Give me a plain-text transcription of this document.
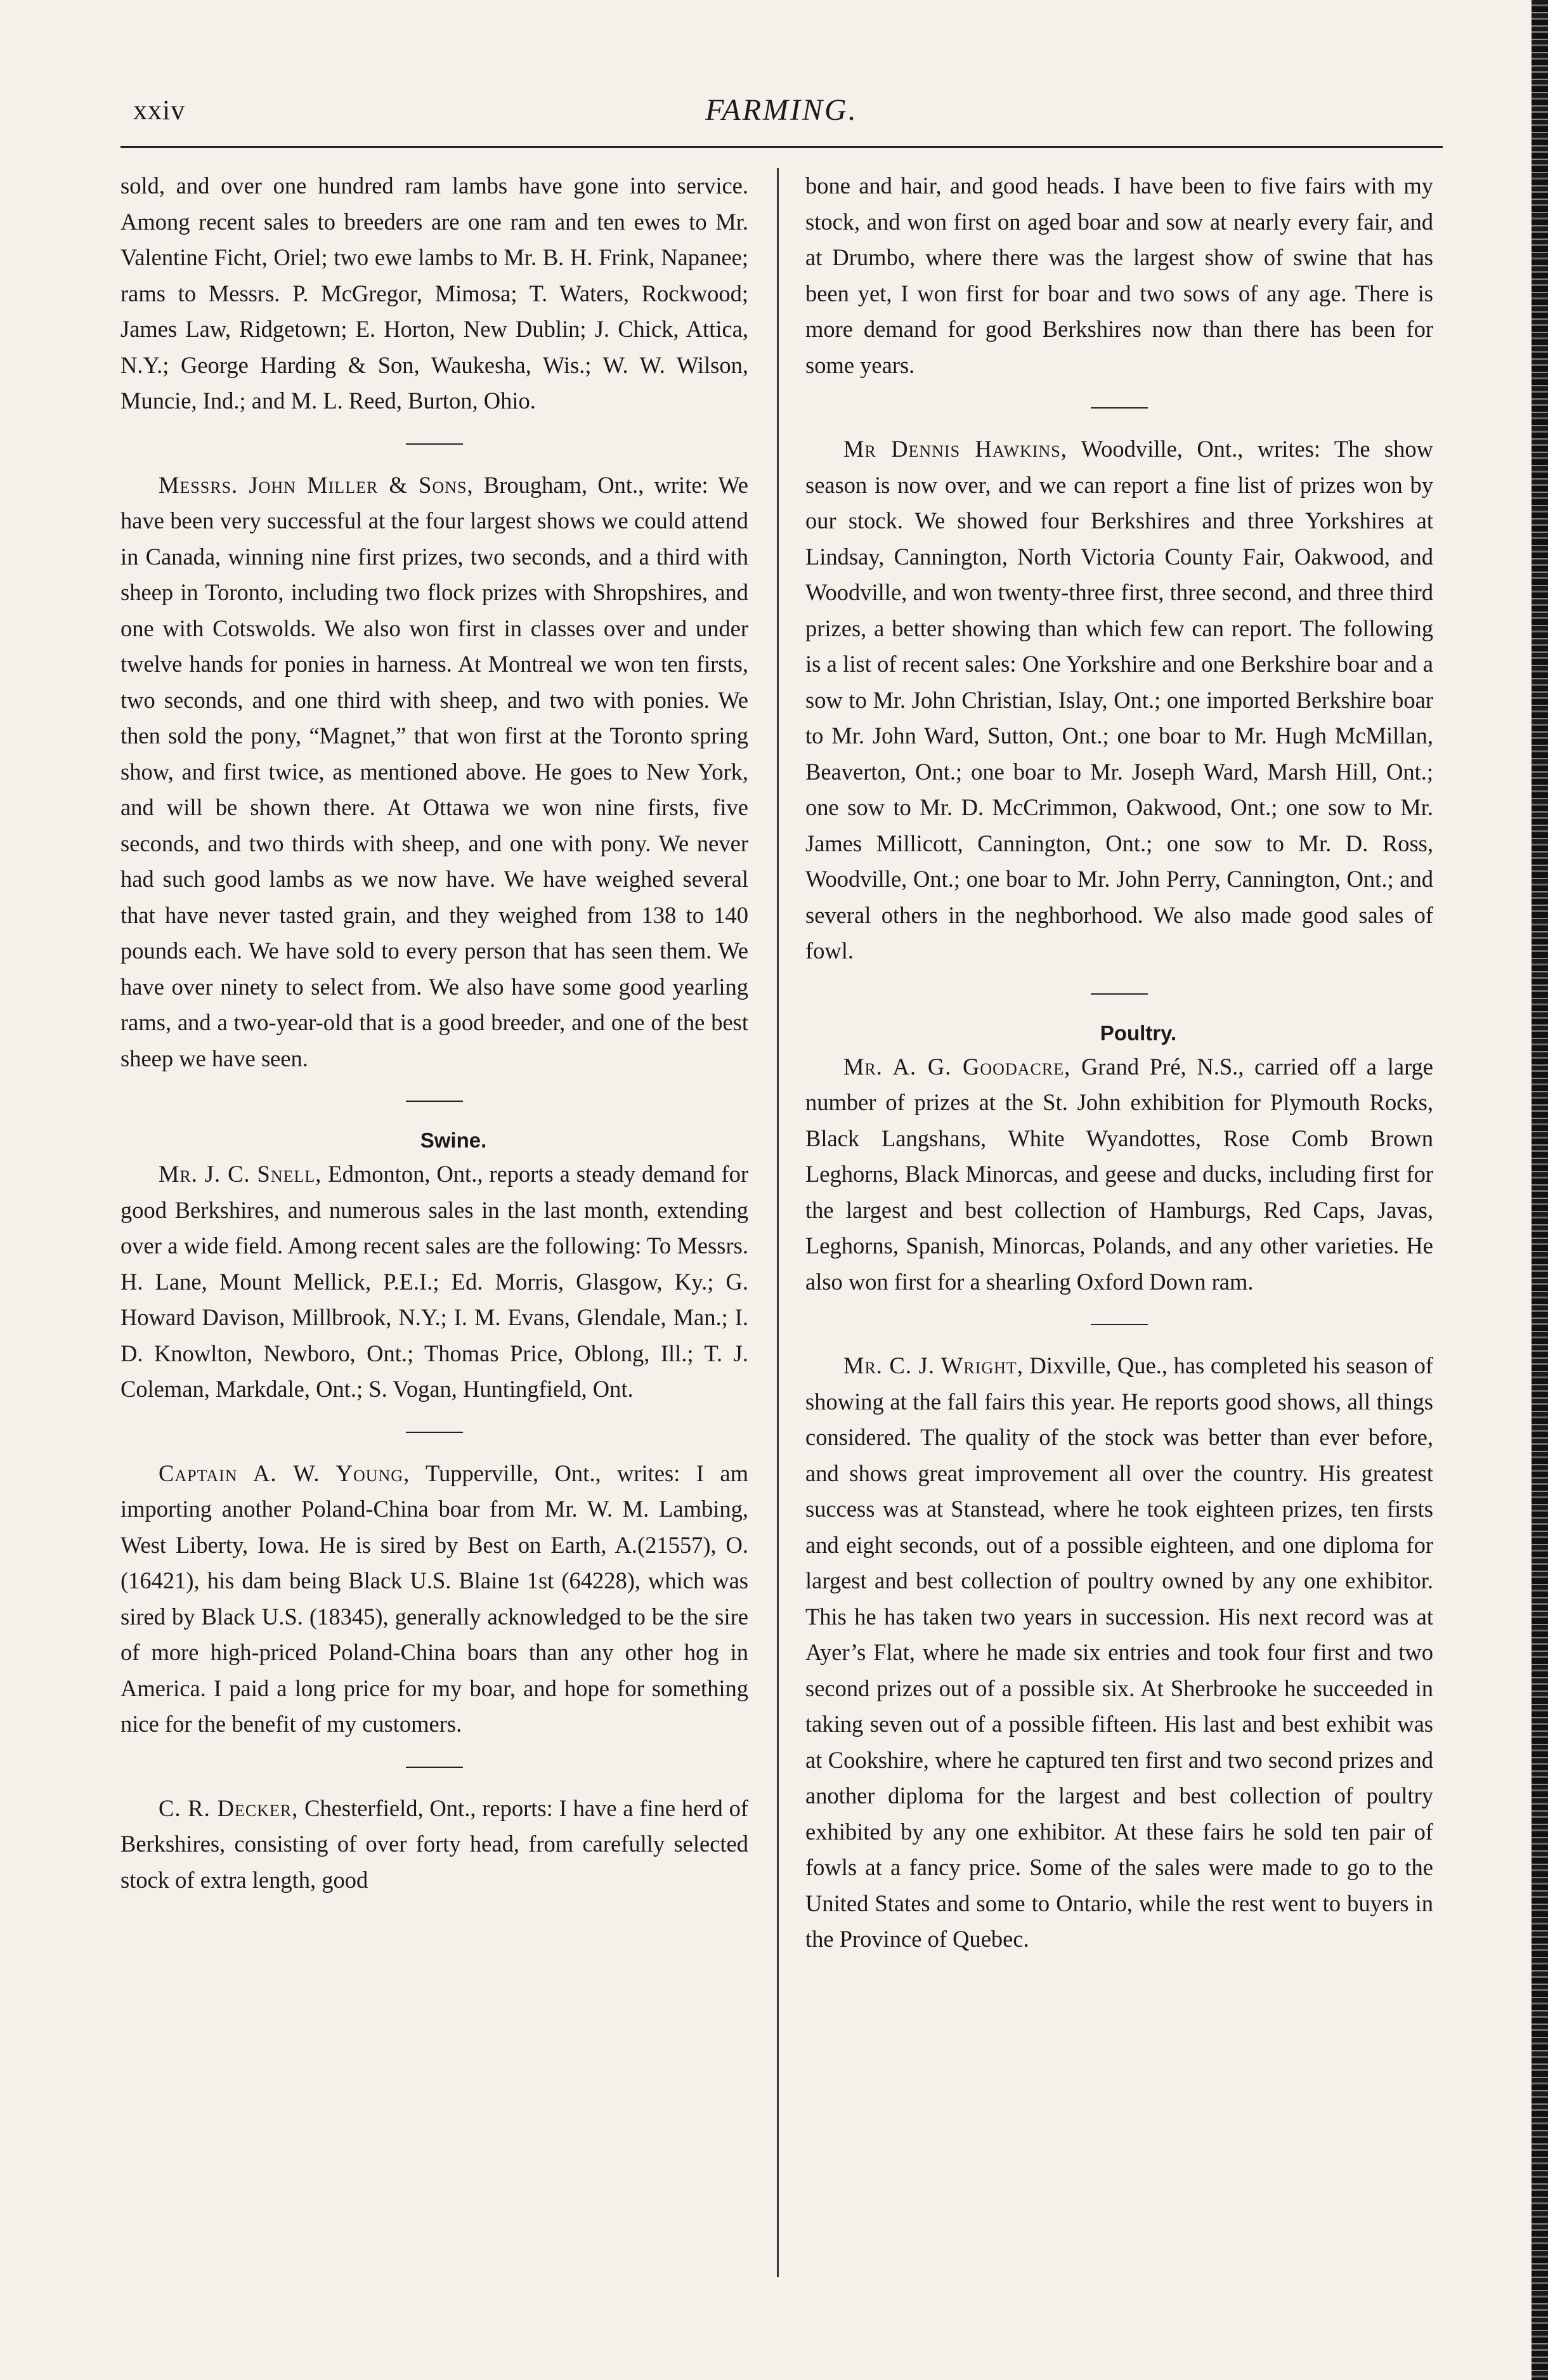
xxiv	FARMING.

sold, and over one hundred ram lambs have gone into service. Among recent sales to breeders are one ram and ten ewes to Mr. Valentine Ficht, Oriel; two ewe lambs to Mr. B. H. Frink, Napanee; rams to Messrs. P. McGregor, Mimosa; T. Waters, Rockwood; James Law, Ridgetown; E. Horton, New Dublin; J. Chick, Attica, N.Y.; George Harding & Son, Waukesha, Wis.; W. W. Wilson, Muncie, Ind.; and M. L. Reed, Burton, Ohio.

Messrs. John Miller & Sons, Brougham, Ont., write: We have been very successful at the four largest shows we could attend in Canada, winning nine first prizes, two seconds, and a third with sheep in Toronto, including two flock prizes with Shropshires, and one with Cotswolds. We also won first in classes over and under twelve hands for ponies in harness. At Montreal we won ten firsts, two seconds, and one third with sheep, and two with ponies. We then sold the pony, “Magnet,” that won first at the Toronto spring show, and first twice, as mentioned above. He goes to New York, and will be shown there. At Ottawa we won nine firsts, five seconds, and two thirds with sheep, and one with pony. We never had such good lambs as we now have. We have weighed several that have never tasted grain, and they weighed from 138 to 140 pounds each. We have sold to every person that has seen them. We have over ninety to select from. We also have some good yearling rams, and a two-year-old that is a good breeder, and one of the best sheep we have seen.

Swine.

Mr. J. C. Snell, Edmonton, Ont., reports a steady demand for good Berkshires, and numerous sales in the last month, extending over a wide field. Among recent sales are the following: To Messrs. H. Lane, Mount Mellick, P.E.I.; Ed. Morris, Glasgow, Ky.; G. Howard Davison, Millbrook, N.Y.; I. M. Evans, Glendale, Man.; I. D. Knowlton, Newboro, Ont.; Thomas Price, Oblong, Ill.; T. J. Coleman, Markdale, Ont.; S. Vogan, Huntingfield, Ont.

Captain A. W. Young, Tupperville, Ont., writes: I am importing another Poland-China boar from Mr. W. M. Lambing, West Liberty, Iowa. He is sired by Best on Earth, A.(21557), O. (16421), his dam being Black U.S. Blaine 1st (64228), which was sired by Black U.S. (18345), generally acknowledged to be the sire of more high-priced Poland-China boars than any other hog in America. I paid a long price for my boar, and hope for something nice for the benefit of my customers.

C. R. Decker, Chesterfield, Ont., reports: I have a fine herd of Berkshires, consisting of over forty head, from carefully selected stock of extra length, good

bone and hair, and good heads. I have been to five fairs with my stock, and won first on aged boar and sow at nearly every fair, and at Drumbo, where there was the largest show of swine that has been yet, I won first for boar and two sows of any age. There is more demand for good Berkshires now than there has been for some years.

Mr Dennis Hawkins, Woodville, Ont., writes: The show season is now over, and we can report a fine list of prizes won by our stock. We showed four Berkshires and three Yorkshires at Lindsay, Cannington, North Victoria County Fair, Oakwood, and Woodville, and won twenty-three first, three second, and three third prizes, a better showing than which few can report. The following is a list of recent sales: One Yorkshire and one Berkshire boar and a sow to Mr. John Christian, Islay, Ont.; one imported Berkshire boar to Mr. John Ward, Sutton, Ont.; one boar to Mr. Hugh McMillan, Beaverton, Ont.; one boar to Mr. Joseph Ward, Marsh Hill, Ont.; one sow to Mr. D. McCrimmon, Oakwood, Ont.; one sow to Mr. James Millicott, Cannington, Ont.; one sow to Mr. D. Ross, Woodville, Ont.; one boar to Mr. John Perry, Cannington, Ont.; and several others in the neghborhood. We also made good sales of fowl.

Poultry.

Mr. A. G. Goodacre, Grand Pré, N.S., carried off a large number of prizes at the St. John exhibition for Plymouth Rocks, Black Langshans, White Wyandottes, Rose Comb Brown Leghorns, Black Minorcas, and geese and ducks, including first for the largest and best collection of Hamburgs, Red Caps, Javas, Leghorns, Spanish, Minorcas, Polands, and any other varieties. He also won first for a shearling Oxford Down ram.

Mr. C. J. Wright, Dixville, Que., has completed his season of showing at the fall fairs this year. He reports good shows, all things considered. The quality of the stock was better than ever before, and shows great improvement all over the country. His greatest success was at Stanstead, where he took eighteen prizes, ten firsts and eight seconds, out of a possible eighteen, and one diploma for largest and best collection of poultry owned by any one exhibitor. This he has taken two years in succession. His next record was at Ayer’s Flat, where he made six entries and took four first and two second prizes out of a possible six. At Sherbrooke he succeeded in taking seven out of a possible fifteen. His last and best exhibit was at Cookshire, where he captured ten first and two second prizes and another diploma for the largest and best collection of poultry exhibited by any one exhibitor. At these fairs he sold ten pair of fowls at a fancy price. Some of the sales were made to go to the United States and some to Ontario, while the rest went to buyers in the Province of Quebec.
